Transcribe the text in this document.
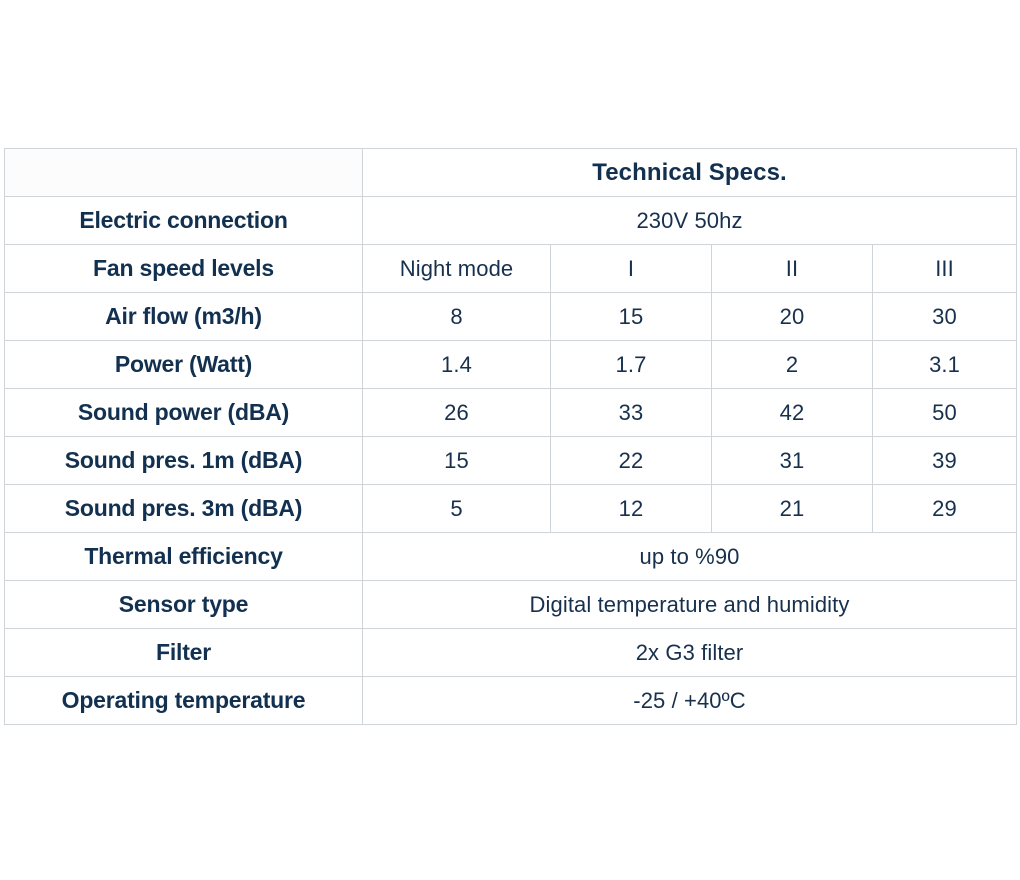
	Technical Specs.			
Electric connection	230V 50hz			
Fan speed levels	Night mode	I	II	III
Air flow (m3/h)	8	15	20	30
Power (Watt)	1.4	1.7	2	3.1
Sound power (dBA)	26	33	42	50
Sound pres. 1m (dBA)	15	22	31	39
Sound pres. 3m (dBA)	5	12	21	29
Thermal efficiency	up to %90			
Sensor type	Digital temperature and humidity			
Filter	2x G3 filter			
Operating temperature	-25 / +40ºC			
